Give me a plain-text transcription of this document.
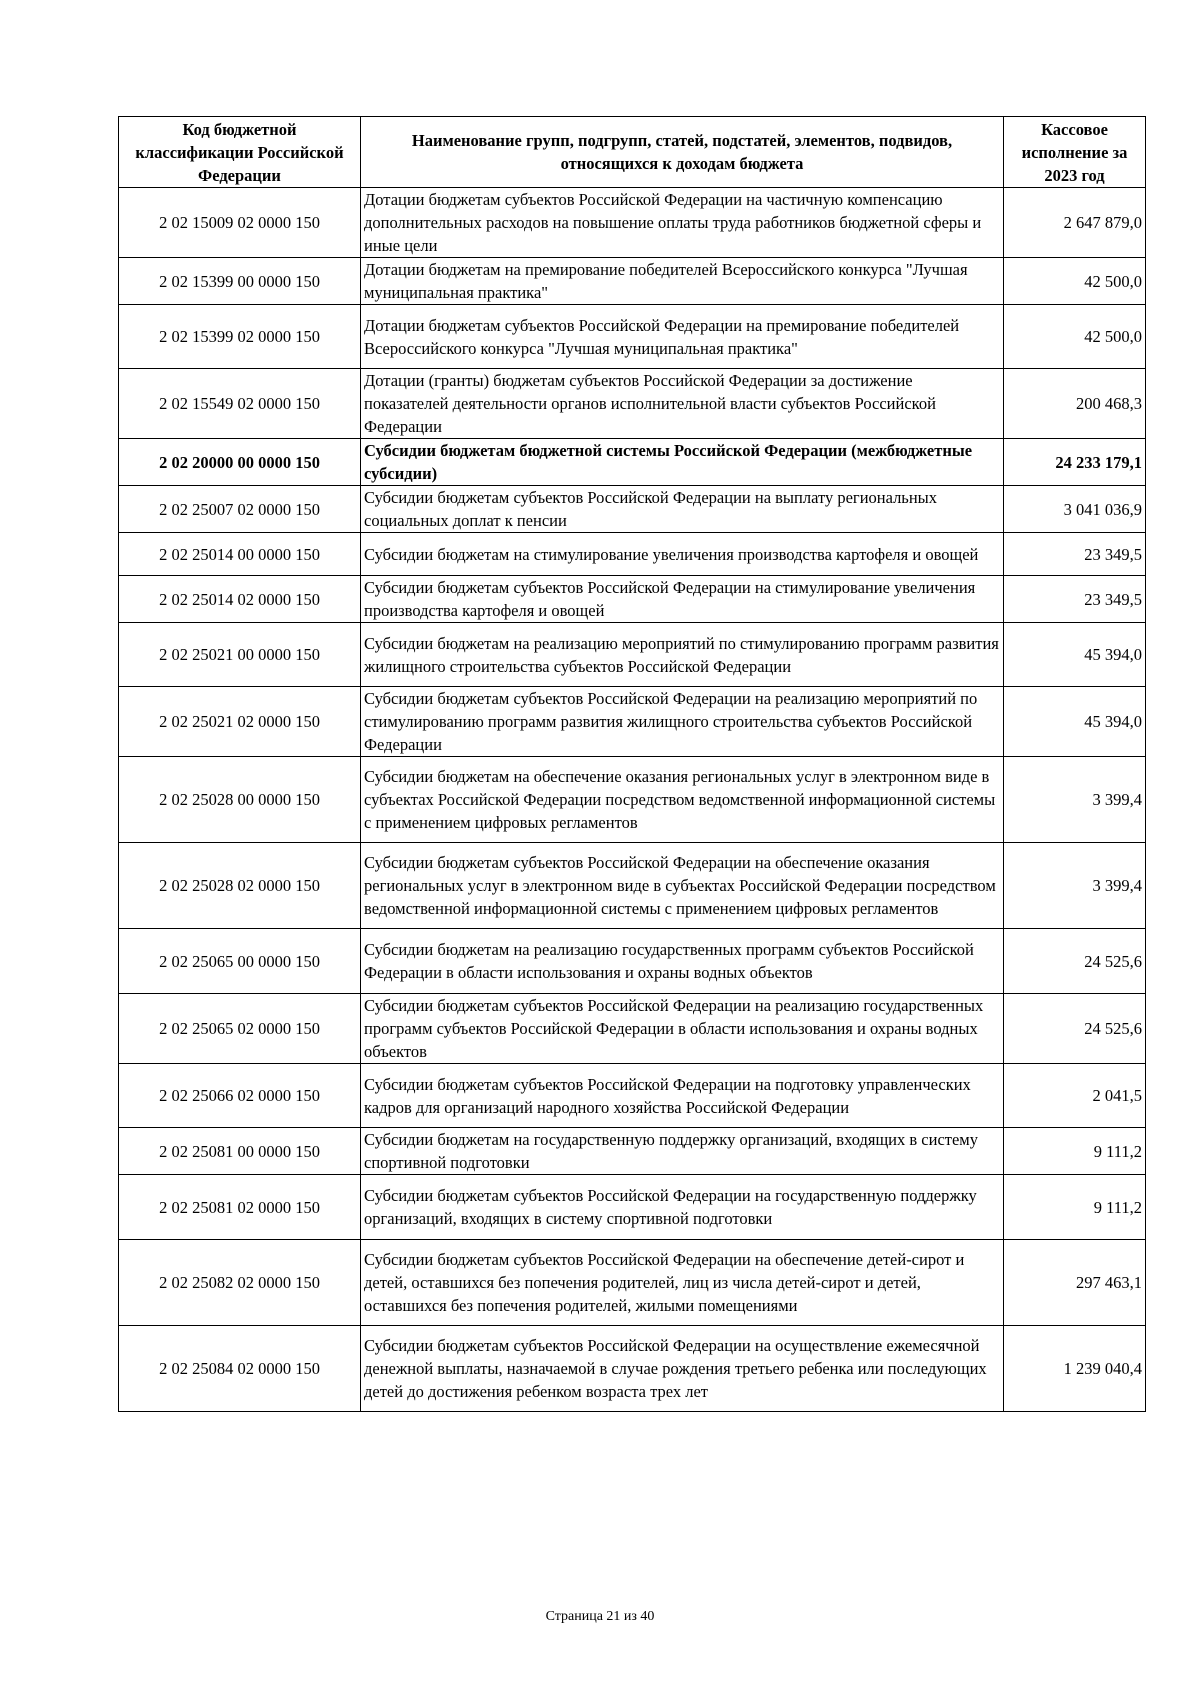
Код бюджетной классификации Российской Федерации	Наименование групп, подгрупп, статей, подстатей, элементов, подвидов, относящихся к доходам бюджета	Кассовое исполнение за 2023 год
2 02 15009 02 0000 150	Дотации бюджетам субъектов Российской Федерации на частичную компенсацию дополнительных расходов на повышение оплаты труда работников бюджетной сферы и иные цели	2 647 879,0
2 02 15399 00 0000 150	Дотации бюджетам на премирование победителей Всероссийского конкурса "Лучшая муниципальная практика"	42 500,0
2 02 15399 02 0000 150	Дотации бюджетам субъектов Российской Федерации на премирование победителей Всероссийского конкурса "Лучшая муниципальная практика"	42 500,0
2 02 15549 02 0000 150	Дотации (гранты) бюджетам субъектов Российской Федерации за достижение показателей деятельности органов исполнительной власти субъектов Российской Федерации	200 468,3
2 02 20000 00 0000 150	Субсидии бюджетам бюджетной системы Российской Федерации (межбюджетные субсидии)	24 233 179,1
2 02 25007 02 0000 150	Субсидии бюджетам субъектов Российской Федерации на выплату региональных социальных доплат к пенсии	3 041 036,9
2 02 25014 00 0000 150	Субсидии бюджетам на стимулирование увеличения производства картофеля и овощей	23 349,5
2 02 25014 02 0000 150	Субсидии бюджетам субъектов Российской Федерации на стимулирование увеличения производства картофеля и овощей	23 349,5
2 02 25021 00 0000 150	Субсидии бюджетам на реализацию мероприятий по стимулированию программ развития жилищного строительства субъектов Российской Федерации	45 394,0
2 02 25021 02 0000 150	Субсидии бюджетам субъектов Российской Федерации на реализацию мероприятий по стимулированию программ развития жилищного строительства субъектов Российской Федерации	45 394,0
2 02 25028 00 0000 150	Субсидии бюджетам на обеспечение оказания региональных услуг в электронном виде в субъектах Российской Федерации посредством ведомственной информационной системы с применением цифровых регламентов	3 399,4
2 02 25028 02 0000 150	Субсидии бюджетам субъектов Российской Федерации на обеспечение оказания региональных услуг в электронном виде в субъектах Российской Федерации посредством ведомственной информационной системы с применением цифровых регламентов	3 399,4
2 02 25065 00 0000 150	Субсидии бюджетам на реализацию государственных программ субъектов Российской Федерации в области использования и охраны водных объектов	24 525,6
2 02 25065 02 0000 150	Субсидии бюджетам субъектов Российской Федерации на реализацию государственных программ субъектов Российской Федерации в области использования и охраны водных объектов	24 525,6
2 02 25066 02 0000 150	Субсидии бюджетам субъектов Российской Федерации на подготовку управленческих кадров для организаций народного хозяйства Российской Федерации	2 041,5
2 02 25081 00 0000 150	Субсидии бюджетам на государственную поддержку организаций, входящих в систему спортивной подготовки	9 111,2
2 02 25081 02 0000 150	Субсидии бюджетам субъектов Российской Федерации на государственную поддержку организаций, входящих в систему спортивной подготовки	9 111,2
2 02 25082 02 0000 150	Субсидии бюджетам субъектов Российской Федерации на обеспечение детей-сирот и детей, оставшихся без попечения родителей, лиц из числа детей-сирот и детей, оставшихся без попечения родителей, жилыми помещениями	297 463,1
2 02 25084 02 0000 150	Субсидии бюджетам субъектов Российской Федерации на осуществление ежемесячной денежной выплаты, назначаемой в случае рождения третьего ребенка или последующих детей до достижения ребенком возраста трех лет	1 239 040,4
Страница 21 из 40
